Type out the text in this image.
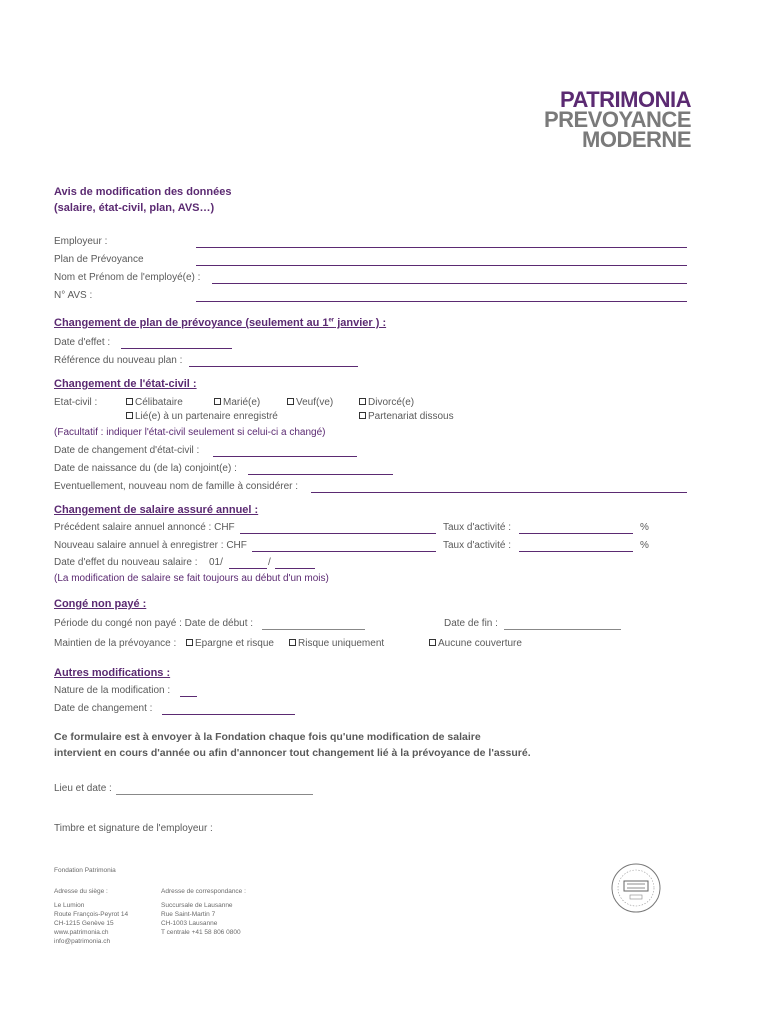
PATRIMONIA
PREVOYANCE
MODERNE
Avis de modification des données
(salaire, état-civil, plan, AVS…)
Employeur :
Plan de Prévoyance
Nom et Prénom de l'employé(e) :
N° AVS :
Changement de plan de prévoyance (seulement au 1er janvier ) :
Date d'effet :
Référence du nouveau plan :
Changement de l'état-civil :
Etat-civil :	Célibataire	Marié(e)	Veuf(ve)	Divorcé(e)
Lié(e) à un partenaire enregistré	Partenariat dissous
(Facultatif : indiquer l'état-civil seulement si celui-ci a changé)
Date de changement d'état-civil :
Date de naissance du (de la) conjoint(e) :
Eventuellement, nouveau nom de famille à considérer :
Changement de salaire assuré annuel :
Précédent salaire annuel annoncé : CHF	Taux d'activité :	%
Nouveau salaire annuel à enregistrer : CHF	Taux d'activité :	%
Date d'effet du nouveau salaire : 01/	/
(La modification de salaire se fait toujours au début d'un mois)
Congé non payé :
Période du congé non payé : Date de début :	Date de fin :
Maintien de la prévoyance :	Epargne et risque	Risque uniquement	Aucune couverture
Autres modifications :
Nature de la modification :
Date de changement :
Ce formulaire est à envoyer à la Fondation chaque fois qu'une modification de salaire
intervient en cours d'année ou afin d'annoncer tout changement lié à la prévoyance de l'assuré.
Lieu et date :
Timbre et signature de l'employeur :
Fondation Patrimonia
Adresse du siège :
Le Lumion
Route François-Peyrot 14
CH-1215 Genève 15
www.patrimonia.ch
info@patrimonia.ch
Adresse de correspondance :
Succursale de Lausanne
Rue Saint-Martin 7
CH-1003 Lausanne
T centrale +41 58 806 0800
